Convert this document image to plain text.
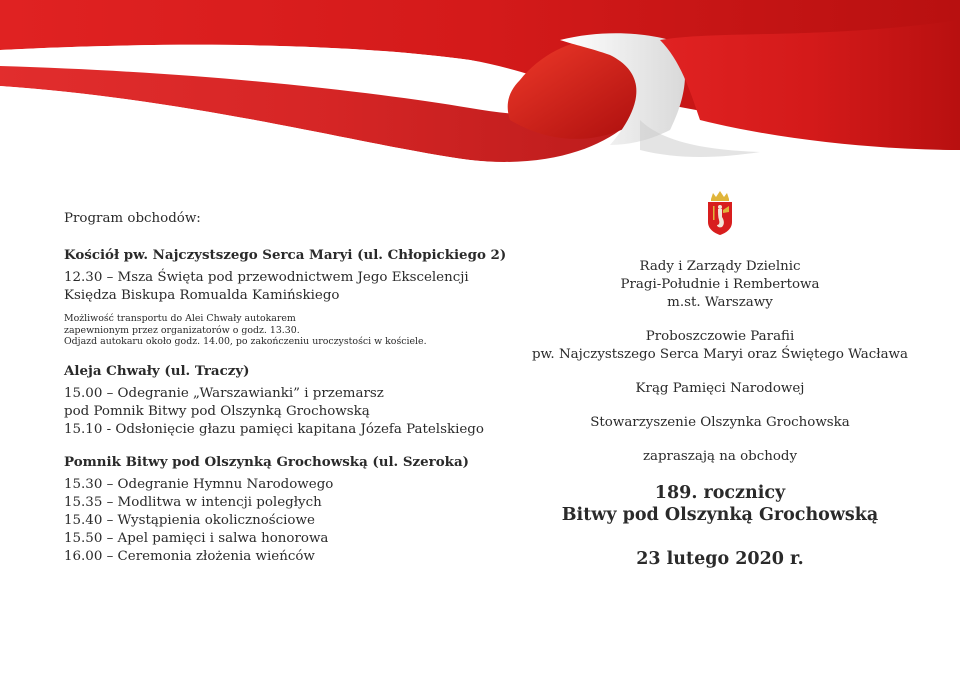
Program obchodów:
Kościół pw. Najczystszego Serca Maryi (ul. Chłopickiego 2)
12.30 – Msza Święta pod przewodnictwem Jego Ekscelencji
Księdza Biskupa Romualda Kamińskiego
Możliwość transportu do Alei Chwały autokarem
zapewnionym przez organizatorów o godz. 13.30.
Odjazd autokaru około godz. 14.00, po zakończeniu uroczystości w kościele.
Aleja Chwały (ul. Traczy)
15.00 – Odegranie „Warszawianki” i przemarsz
pod Pomnik Bitwy pod Olszynką Grochowską
15.10 - Odsłonięcie głazu pamięci kapitana Józefa Patelskiego
Pomnik Bitwy pod Olszynką Grochowską (ul. Szeroka)
15.30 – Odegranie Hymnu Narodowego
15.35 – Modlitwa w intencji poległych
15.40 – Wystąpienia okolicznościowe
15.50 – Apel pamięci i salwa honorowa
16.00 – Ceremonia złożenia wieńców
Rady i Zarządy Dzielnic
Pragi-Południe i Rembertowa
m.st. Warszawy
Proboszczowie Parafii
pw. Najczystszego Serca Maryi oraz Świętego Wacława
Krąg Pamięci Narodowej
Stowarzyszenie Olszynka Grochowska
zapraszają na obchody
189. rocznicy
Bitwy pod Olszynką Grochowską
23 lutego 2020 r.
